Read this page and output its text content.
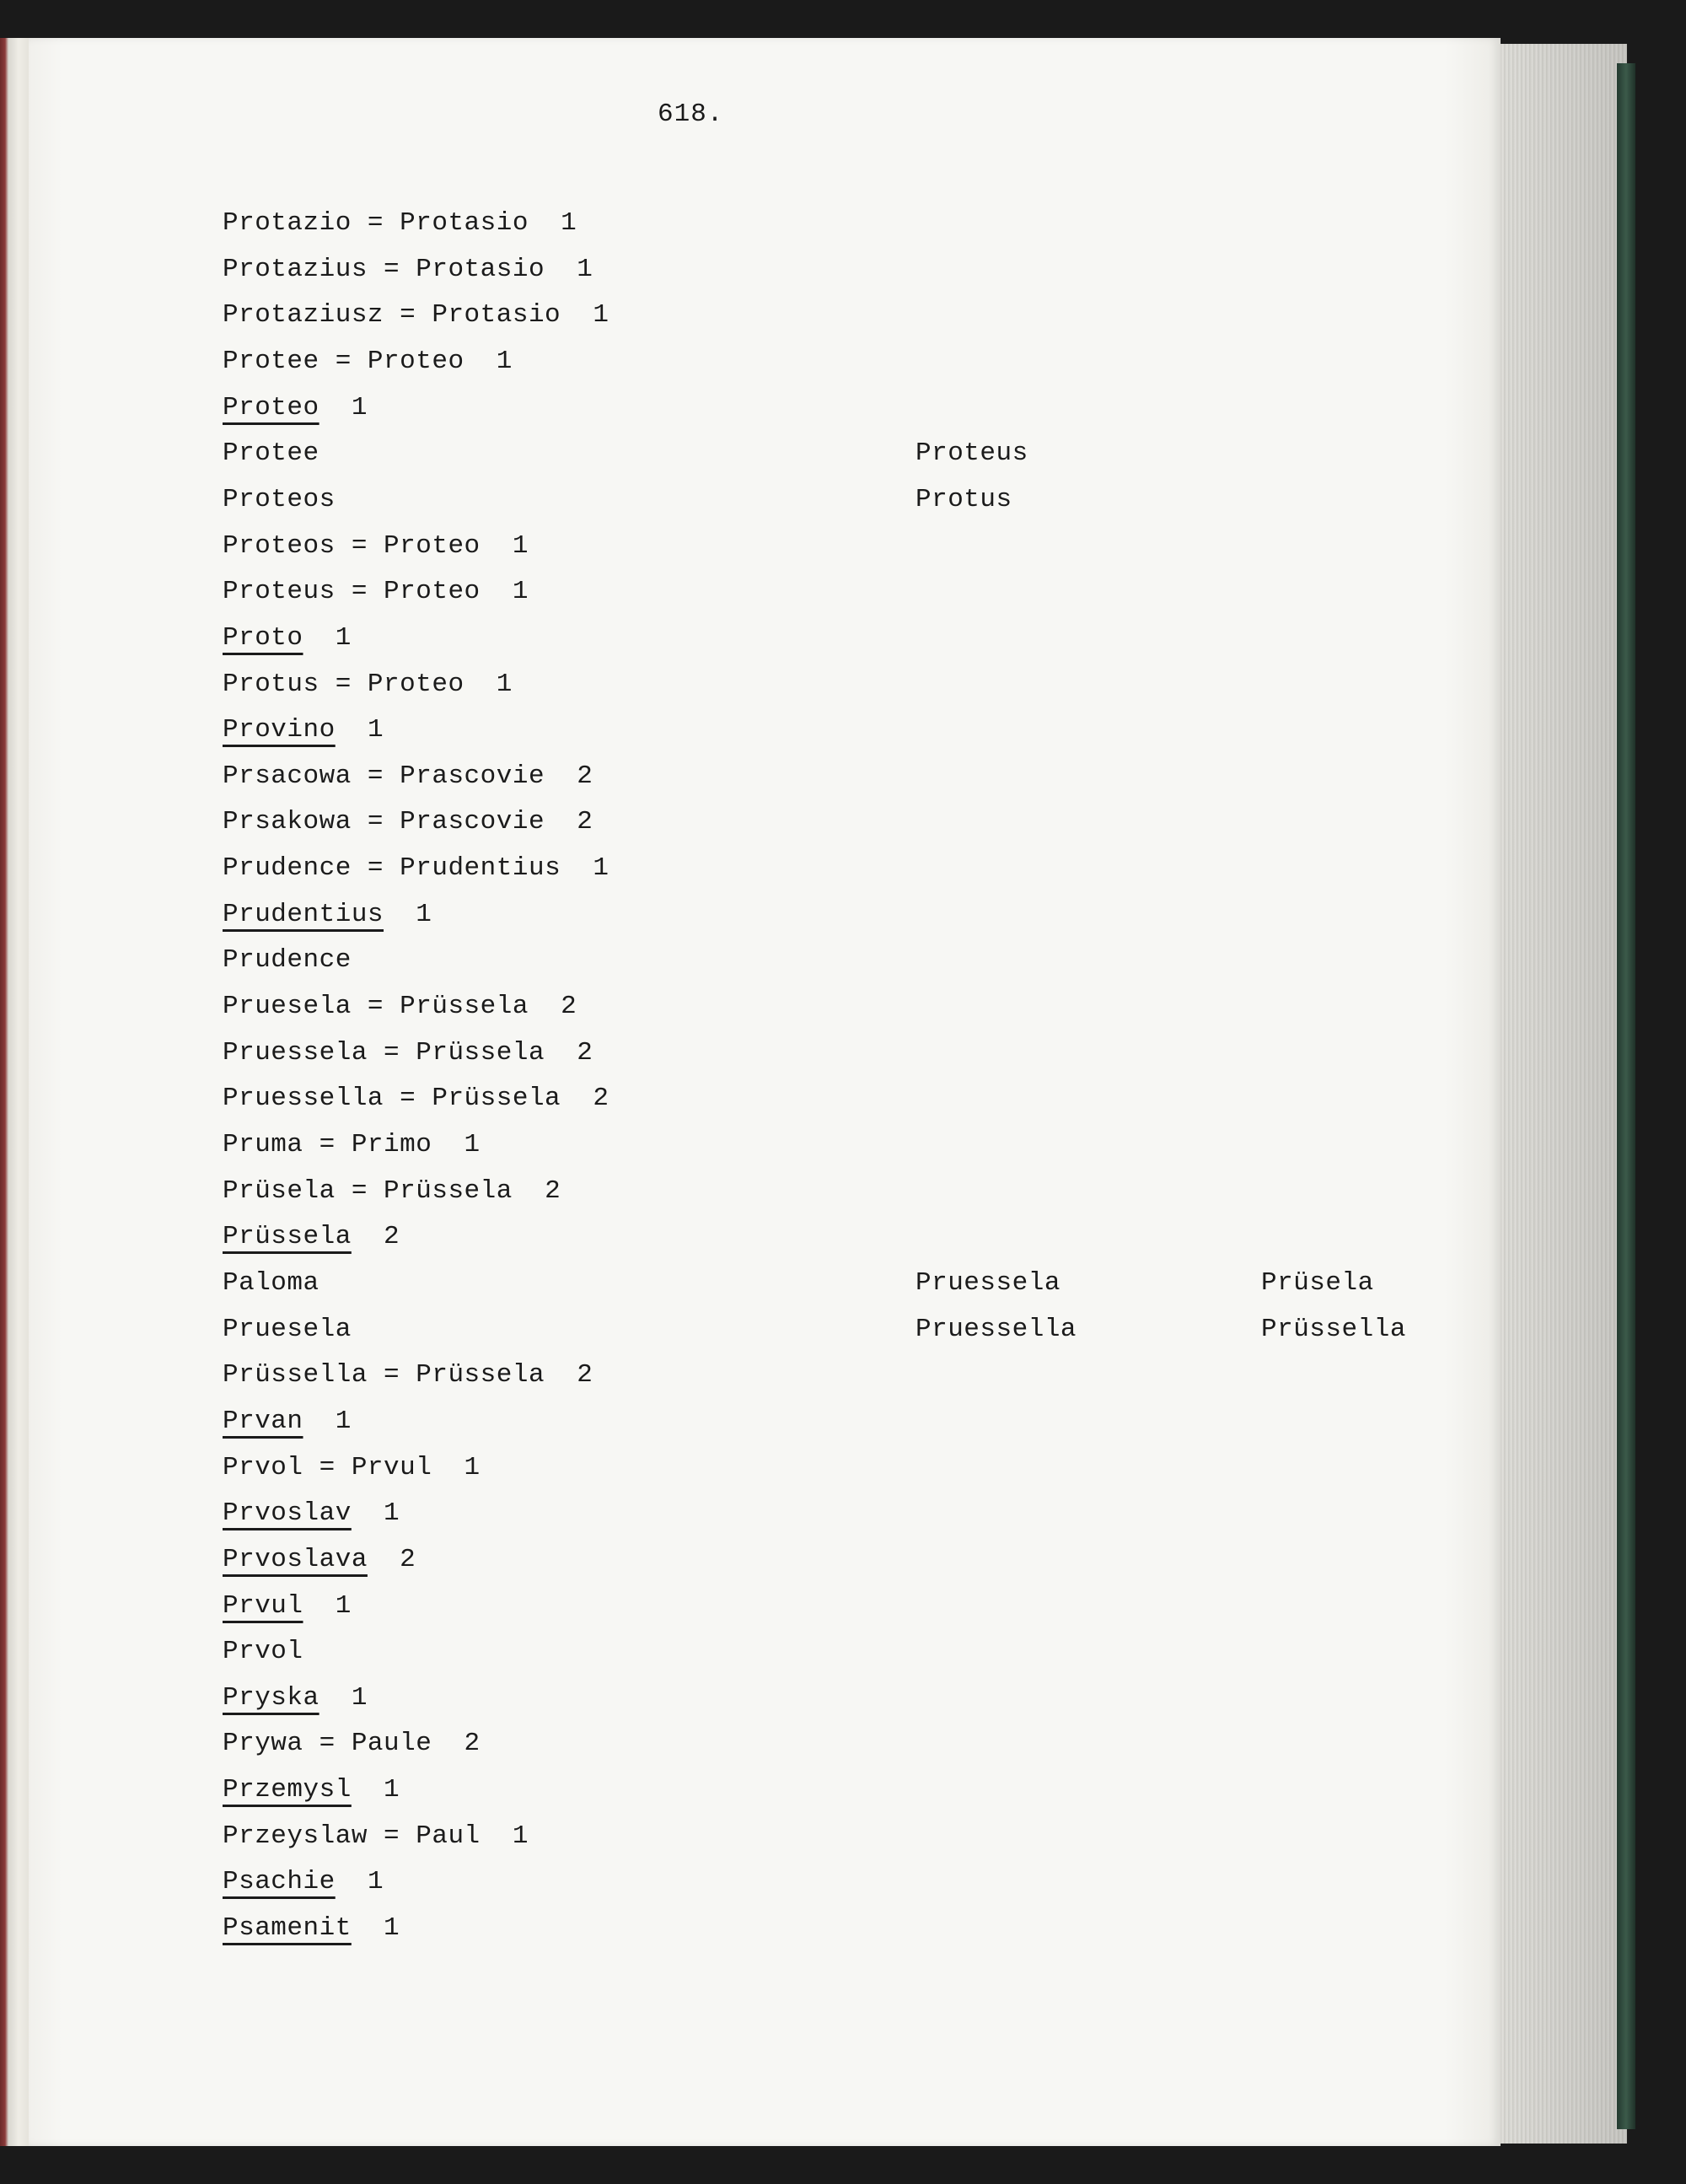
618.
Protazio = Protasio  1
Protazius = Protasio  1
Protaziusz = Protasio  1
Protee = Proteo  1
Proteo  1
Protee	Proteus
Proteos	Protus
Proteos = Proteo  1
Proteus = Proteo  1
Proto  1
Protus = Proteo  1
Provino  1
Prsacowa = Prascovie  2
Prsakowa = Prascovie  2
Prudence = Prudentius  1
Prudentius  1
Prudence
Pruesela = Prüssela  2
Pruessela = Prüssela  2
Pruessella = Prüssela  2
Pruma = Primo  1
Prüsela = Prüssela  2
Prüssela  2
Paloma	Pruessela	Prüsela
Pruesela	Pruessella	Prüssella
Prüssella = Prüssela  2
Prvan  1
Prvol = Prvul  1
Prvoslav  1
Prvoslava  2
Prvul  1
Prvol
Pryska  1
Prywa = Paule  2
Przemysl  1
Przeyslaw = Paul  1
Psachie  1
Psamenit  1
